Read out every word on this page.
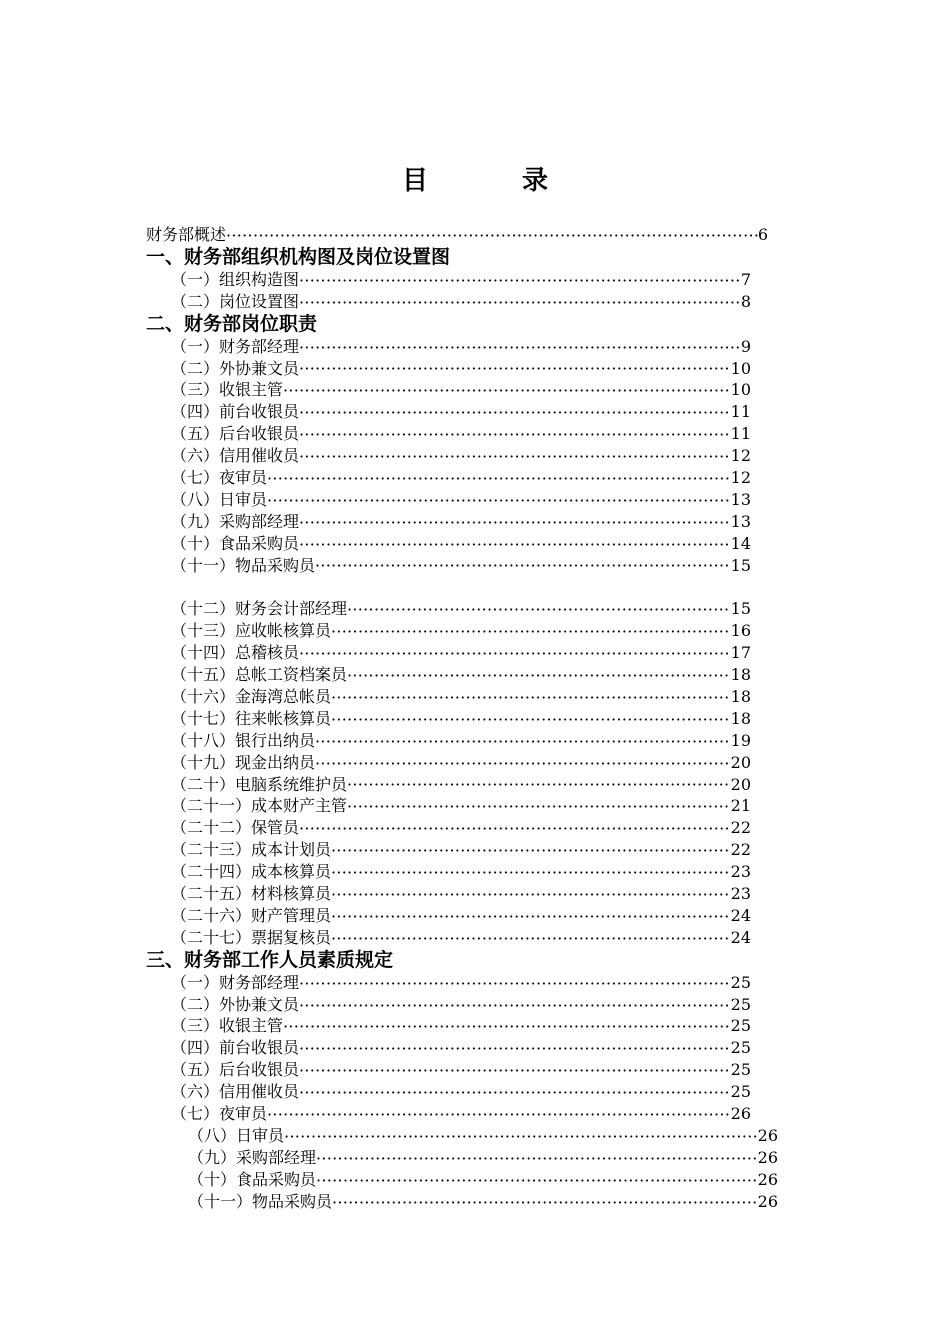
目　录
财务部概述 ·····	6
一、财务部组织机构图及岗位设置图
（一）组织构造图 ·····	7
（二）岗位设置图 ·····	8
二、财务部岗位职责
（一）财务部经理 ·····	9
（二）外协兼文员 ·····	10
（三）收银主管 ·····	10
（四）前台收银员 ·····	11
（五）后台收银员 ·····	11
（六）信用催收员 ·····	12
（七）夜审员 ·····	12
（八）日审员 ·····	13
（九）采购部经理 ·····	13
（十）食品采购员 ·····	14
（十一）物品采购员 ·····	15
（十二）财务会计部经理 ·····	15
（十三）应收帐核算员 ·····	16
（十四）总稽核员 ·····	17
（十五）总帐工资档案员 ·····	18
（十六）金海湾总帐员 ·····	18
（十七）往来帐核算员 ·····	18
（十八）银行出纳员 ·····	19
（十九）现金出纳员 ·····	20
（二十）电脑系统维护员 ·····	20
（二十一）成本财产主管 ·····	21
（二十二）保管员 ·····	22
（二十三）成本计划员 ·····	22
（二十四）成本核算员 ·····	23
（二十五）材料核算员 ·····	23
（二十六）财产管理员 ·····	24
（二十七）票据复核员 ·····	24
三、财务部工作人员素质规定
（一）财务部经理 ·····	25
（二）外协兼文员 ·····	25
（三）收银主管 ·····	25
（四）前台收银员 ·····	25
（五）后台收银员 ·····	25
（六）信用催收员 ·····	25
（七）夜审员 ·····	26
（八）日审员 ·····	26
（九）采购部经理 ·····	26
（十）食品采购员 ·····	26
（十一）物品采购员 ·····	26
